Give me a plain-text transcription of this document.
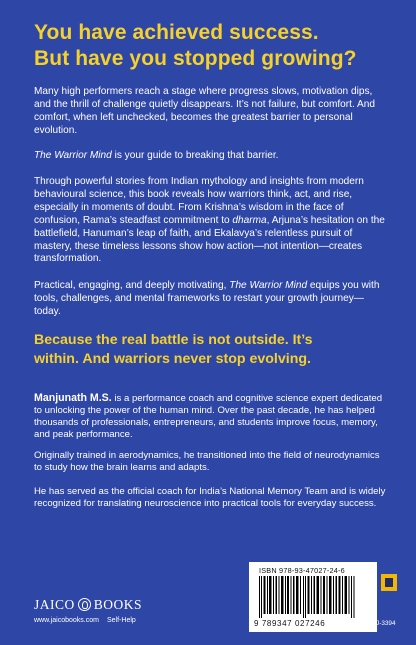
You have achieved success.
But have you stopped growing?

Many high performers reach a stage where progress slows, motivation dips, and the thrill of challenge quietly disappears. It’s not failure, but comfort. And comfort, when left unchecked, becomes the greatest barrier to personal evolution.

The Warrior Mind is your guide to breaking that barrier.

Through powerful stories from Indian mythology and insights from modern behavioural science, this book reveals how warriors think, act, and rise, especially in moments of doubt. From Krishna’s wisdom in the face of confusion, Rama’s steadfast commitment to dharma, Arjuna’s hesitation on the battlefield, Hanuman’s leap of faith, and Ekalavya’s relentless pursuit of mastery, these timeless lessons show how action—not intention—creates transformation.

Practical, engaging, and deeply motivating, The Warrior Mind equips you with tools, challenges, and mental frameworks to restart your growth journey—today.

Because the real battle is not outside. It’s
within. And warriors never stop evolving.

Manjunath M.S. is a performance coach and cognitive science expert dedicated to unlocking the power of the human mind. Over the past decade, he has helped thousands of professionals, entrepreneurs, and students improve focus, memory, and peak performance.

Originally trained in aerodynamics, he transitioned into the field of neurodynamics to study how the brain learns and adapts.

He has served as the official coach for India’s National Memory Team and is widely recognized for translating neuroscience into practical tools for everyday success.

JAICO BOOKS
www.jaicobooks.com Self-Help
ISBN 978-93-47027-24-6
9 789347 027246	J-3394
